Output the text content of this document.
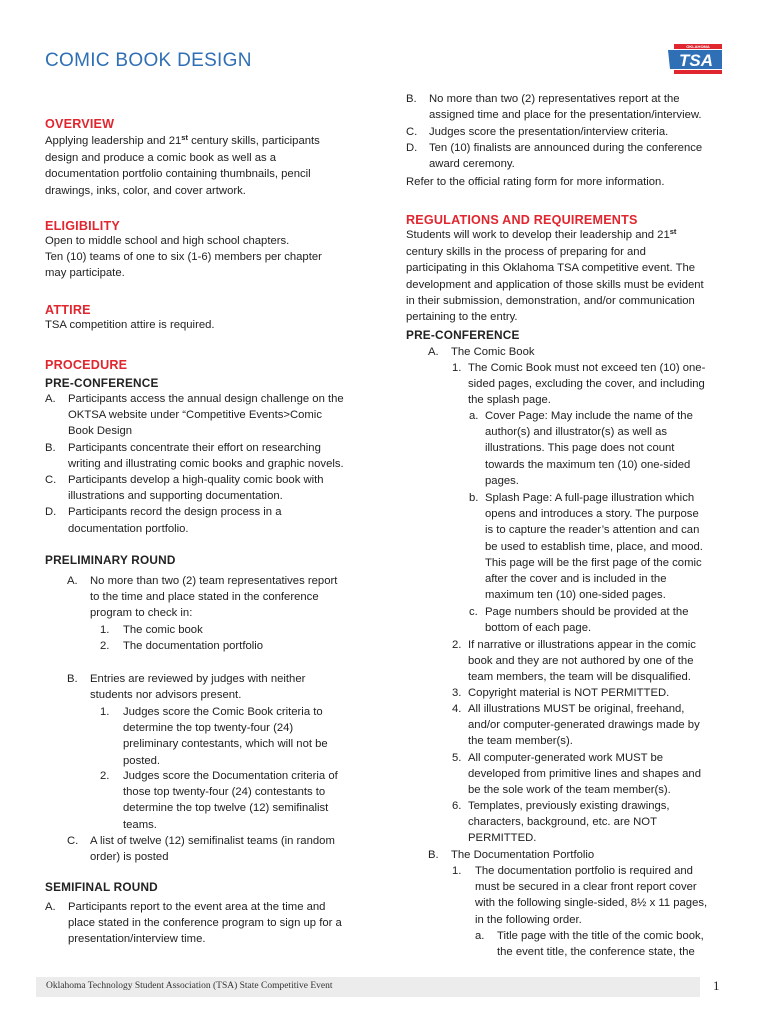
COMIC BOOK DESIGN
OKLAHOMA
TSA

OVERVIEW

Applying leadership and 21st century skills, participants
design and produce a comic book as well as a
documentation portfolio containing thumbnails, pencil
drawings, inks, color, and cover artwork.

ELIGIBILITY

Open to middle school and high school chapters.
Ten (10) teams of one to six (1-6) members per chapter
may participate.

ATTIRE

TSA competition attire is required.

PROCEDURE

PRE-CONFERENCE

A. Participants access the annual design challenge on the
OKTSA website under “Competitive Events>Comic
Book Design
B. Participants concentrate their effort on researching
writing and illustrating comic books and graphic novels.
C. Participants develop a high-quality comic book with
illustrations and supporting documentation.
D. Participants record the design process in a
documentation portfolio.

PRELIMINARY ROUND

A. No more than two (2) team representatives report
to the time and place stated in the conference
program to check in:
1. The comic book
2. The documentation portfolio
B. Entries are reviewed by judges with neither
students nor advisors present.
1. Judges score the Comic Book criteria to
determine the top twenty-four (24)
preliminary contestants, which will not be
posted.
2. Judges score the Documentation criteria of
those top twenty-four (24) contestants to
determine the top twelve (12) semifinalist
teams.
C. A list of twelve (12) semifinalist teams (in random
order) is posted

SEMIFINAL ROUND

A. Participants report to the event area at the time and
place stated in the conference program to sign up for a
presentation/interview time.
B. No more than two (2) representatives report at the
assigned time and place for the presentation/interview.
C. Judges score the presentation/interview criteria.
D. Ten (10) finalists are announced during the conference
award ceremony.

Refer to the official rating form for more information.

REGULATIONS AND REQUIREMENTS

Students will work to develop their leadership and 21st
century skills in the process of preparing for and
participating in this Oklahoma TSA competitive event. The
development and application of those skills must be evident
in their submission, demonstration, and/or communication
pertaining to the entry.

PRE-CONFERENCE

A. The Comic Book
1. The Comic Book must not exceed ten (10) one-
sided pages, excluding the cover, and including
the splash page.
a. Cover Page: May include the name of the
author(s) and illustrator(s) as well as
illustrations. This page does not count
towards the maximum ten (10) one-sided
pages.
b. Splash Page: A full-page illustration which
opens and introduces a story. The purpose
is to capture the reader’s attention and can
be used to establish time, place, and mood.
This page will be the first page of the comic
after the cover and is included in the
maximum ten (10) one-sided pages.
c. Page numbers should be provided at the
bottom of each page.
2. If narrative or illustrations appear in the comic
book and they are not authored by one of the
team members, the team will be disqualified.
3. Copyright material is NOT PERMITTED.
4. All illustrations MUST be original, freehand,
and/or computer-generated drawings made by
the team member(s).
5. All computer-generated work MUST be
developed from primitive lines and shapes and
be the sole work of the team member(s).
6. Templates, previously existing drawings,
characters, background, etc. are NOT
PERMITTED.
B. The Documentation Portfolio
1. The documentation portfolio is required and
must be secured in a clear front report cover
with the following single-sided, 8½ x 11 pages,
in the following order.
a. Title page with the title of the comic book,
the event title, the conference state, the
Oklahoma Technology Student Association (TSA) State Competitive Event	1
